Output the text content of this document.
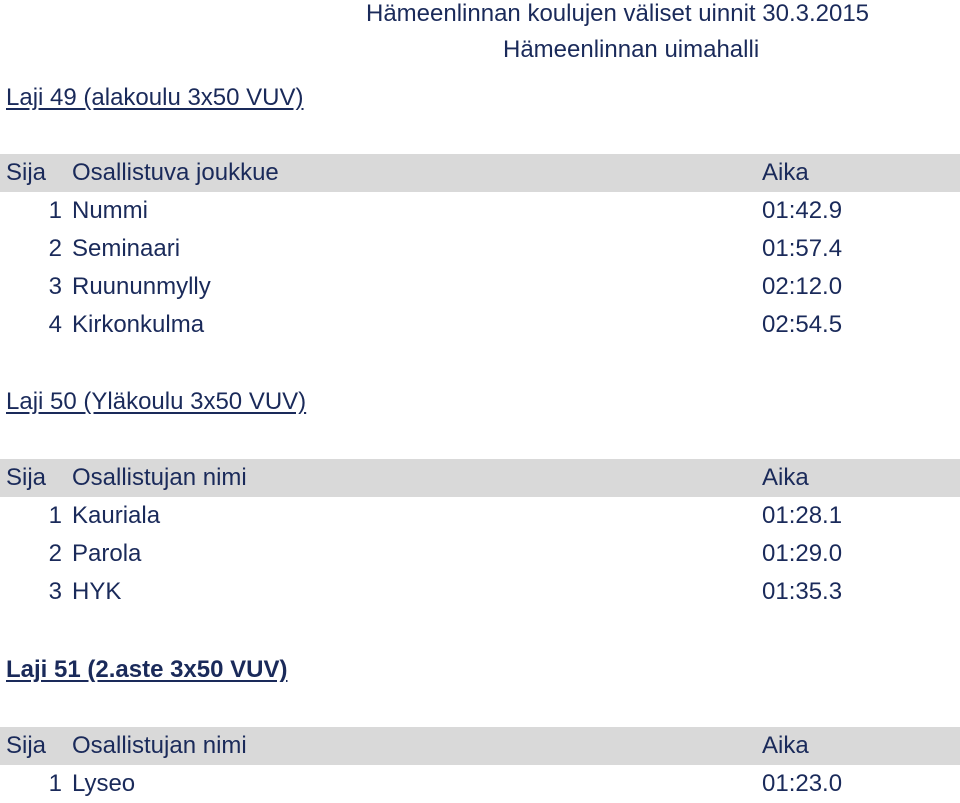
Hämeenlinnan koulujen väliset uinnit 30.3.2015
Hämeenlinnan uimahalli
Laji 49 (alakoulu 3x50 VUV)
Sija Osallistuva joukkue	Aika
1 Nummi	01:42.9
2 Seminaari	01:57.4
3 Ruununmylly	02:12.0
4 Kirkonkulma	02:54.5
Laji 50 (Yläkoulu 3x50 VUV)
Sija Osallistujan nimi	Aika
1 Kauriala	01:28.1
2 Parola	01:29.0
3 HYK	01:35.3
Laji 51 (2.aste 3x50 VUV)
Sija Osallistujan nimi	Aika
1 Lyseo	01:23.0
